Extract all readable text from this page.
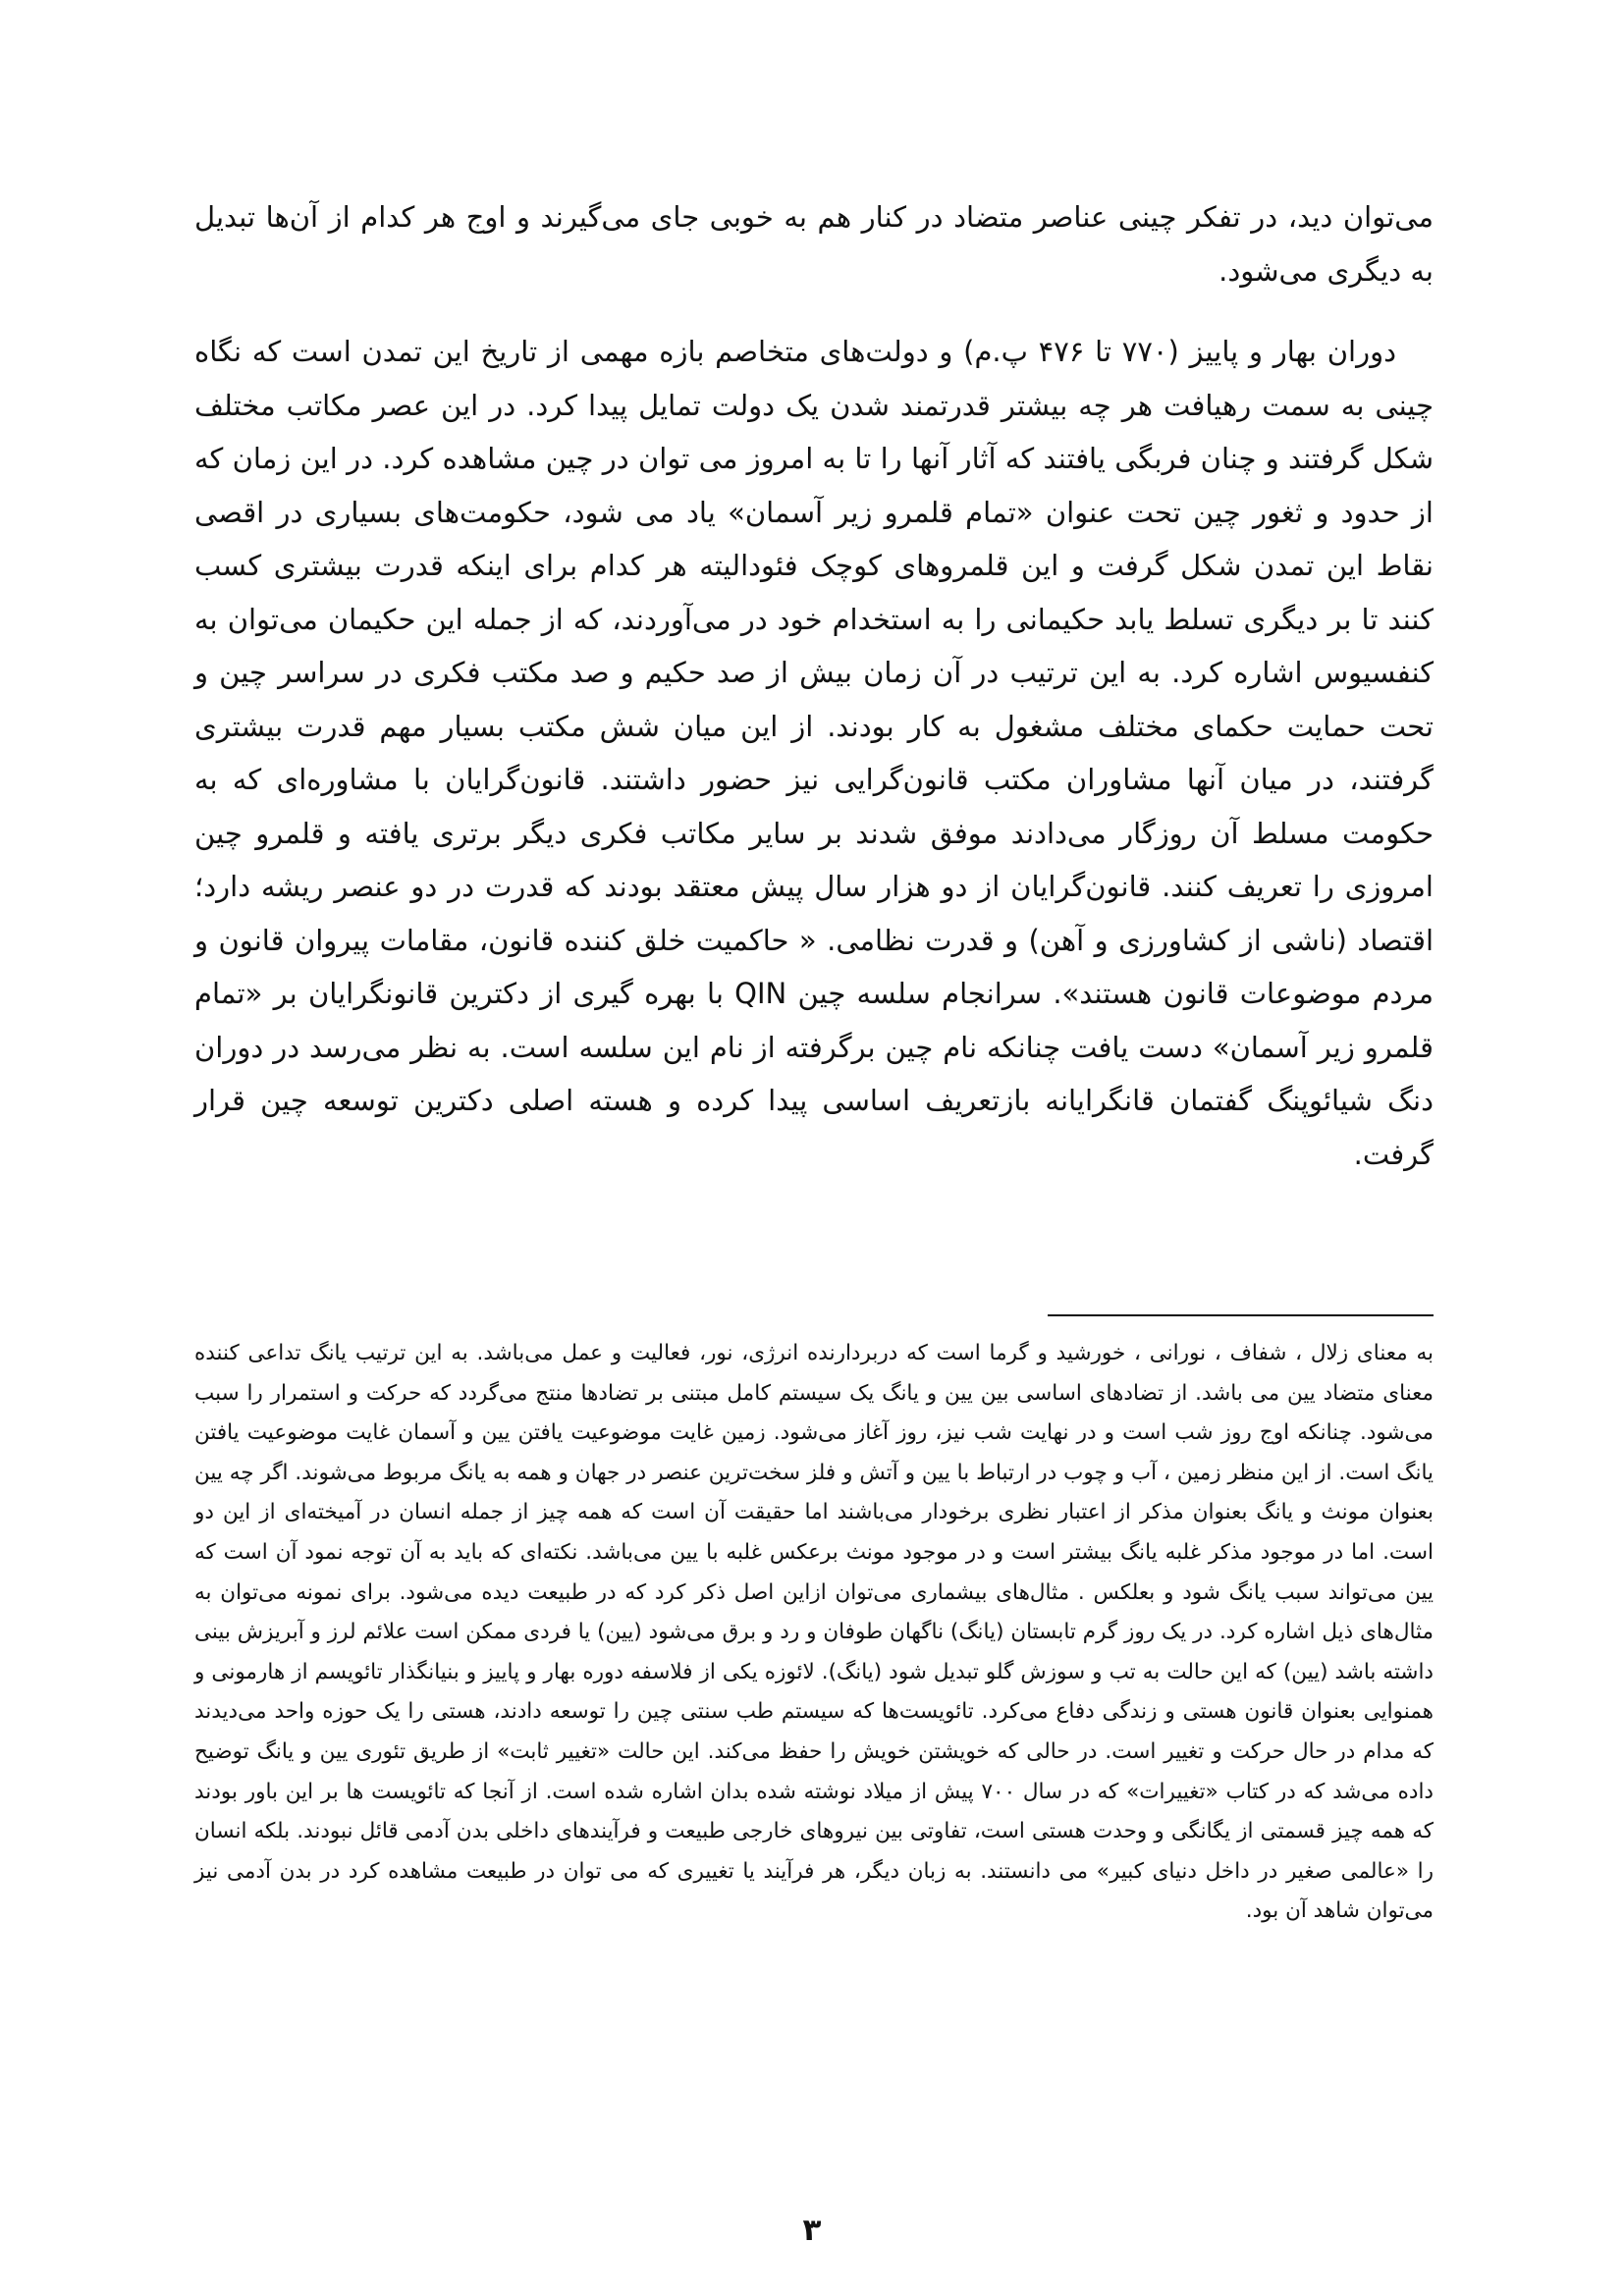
می‌توان دید، در تفکر چینی عناصر متضاد در کنار هم به خوبی جای می‌گیرند و اوج هر کدام از آن‌ها تبدیل به دیگری می‌شود.

دوران بهار و پاییز (۷۷۰ تا ۴۷۶ پ.م) و دولت‌های متخاصم بازه مهمی از تاریخ این تمدن است که نگاه چینی به سمت رهیافت هر چه بیشتر قدرتمند شدن یک دولت تمایل پیدا کرد. در این عصر مکاتب مختلف شکل گرفتند و چنان فربگی یافتند که آثار آنها را تا به امروز می توان در چین مشاهده کرد. در این زمان که از حدود و ثغور چین تحت عنوان «تمام قلمرو زیر آسمان» یاد می شود، حکومت‌های بسیاری در اقصی نقاط این تمدن شکل گرفت و این قلمروهای کوچک فئودالیته هر کدام برای اینکه قدرت بیشتری کسب کنند تا بر دیگری تسلط یابد حکیمانی را به استخدام خود در می‌آوردند، که از جمله این حکیمان می‌توان به کنفسیوس اشاره کرد. به این ترتیب در آن زمان بیش از صد حکیم و صد مکتب فکری در سراسر چین و تحت حمایت حکمای مختلف مشغول به کار بودند. از این میان شش مکتب بسیار مهم قدرت بیشتری گرفتند، در میان آنها مشاوران مکتب قانون‌گرایی نیز حضور داشتند. قانون‌گرایان با مشاوره‌ای که به حکومت مسلط آن روزگار می‌دادند موفق شدند بر سایر مکاتب فکری دیگر برتری یافته و قلمرو چین امروزی را تعریف کنند. قانون‌گرایان از دو هزار سال پیش معتقد بودند که قدرت در دو عنصر ریشه دارد؛ اقتصاد (ناشی از کشاورزی و آهن) و قدرت نظامی. « حاکمیت خلق کننده قانون، مقامات پیروان قانون و مردم موضوعات قانون هستند». سرانجام سلسه چین QIN با بهره گیری از دکترین قانونگرایان بر «تمام قلمرو زیر آسمان» دست یافت چنانکه نام چین برگرفته از نام این سلسه است. به نظر می‌رسد در دوران دنگ شیائوپنگ گفتمان قانگرایانه بازتعریف اساسی پیدا کرده و هسته اصلی دکترین توسعه چین قرار گرفت.

به معنای زلال ، شفاف ، نورانی ، خورشید و گرما است که دربردارنده انرژی، نور، فعالیت و عمل می‌باشد. به این ترتیب یانگ تداعی کننده معنای متضاد یین می باشد. از تضادهای اساسی بین یین و یانگ یک سیستم کامل مبتنی بر تضادها منتج می‌گردد که حرکت و استمرار را سبب می‌شود. چنانکه اوج روز شب است و در نهایت شب نیز، روز آغاز می‌شود. زمین غایت موضوعیت یافتن یین و آسمان غایت موضوعیت یافتن یانگ است. از این منظر زمین ، آب و چوب در ارتباط با یین و آتش و فلز سخت‌ترین عنصر در جهان و همه به یانگ مربوط می‌شوند. اگر چه یین بعنوان مونث و یانگ بعنوان مذکر از اعتبار نظری برخودار می‌باشند اما حقیقت آن است که همه چیز از جمله انسان در آمیخته‌ای از این دو است. اما در موجود مذکر غلبه یانگ بیشتر است و در موجود مونث برعکس غلبه با یین می‌باشد. نکته‌ای که باید به آن توجه نمود آن است که یین می‌تواند سبب یانگ شود و بعلکس . مثال‌های بیشماری می‌توان ازاین اصل ذکر کرد که در طبیعت دیده می‌شود. برای نمونه می‌توان به مثال‌های ذیل اشاره کرد. در یک روز گرم تابستان (یانگ) ناگهان طوفان و رد و برق می‌شود (یین) یا فردی ممکن است علائم لرز و آبریزش بینی داشته باشد (یین) که این حالت به تب و سوزش گلو تبدیل شود (یانگ). لائوزه یکی از فلاسفه دوره بهار و پاییز و بنیانگذار تائویسم از هارمونی و همنوایی بعنوان قانون هستی و زندگی دفاع می‌کرد. تائویست‌ها که سیستم طب سنتی چین را توسعه دادند، هستی را یک حوزه واحد می‌دیدند که مدام در حال حرکت و تغییر است. در حالی که خویشتن خویش را حفظ می‌کند. این حالت «تغییر ثابت» از طریق تئوری یین و یانگ توضیح داده می‌شد که در کتاب «تغییرات» که در سال ۷۰۰ پیش از میلاد نوشته شده بدان اشاره شده است. از آنجا که تائویست ها بر این باور بودند که همه چیز قسمتی از یگانگی و وحدت هستی است، تفاوتی بین نیروهای خارجی طبیعت و فرآیندهای داخلی بدن آدمی قائل نبودند. بلکه انسان را «عالمی صغیر در داخل دنیای کبیر» می دانستند. به زبان دیگر، هر فرآیند یا تغییری که می توان در طبیعت مشاهده کرد در بدن آدمی نیز می‌توان شاهد آن بود.

۳
